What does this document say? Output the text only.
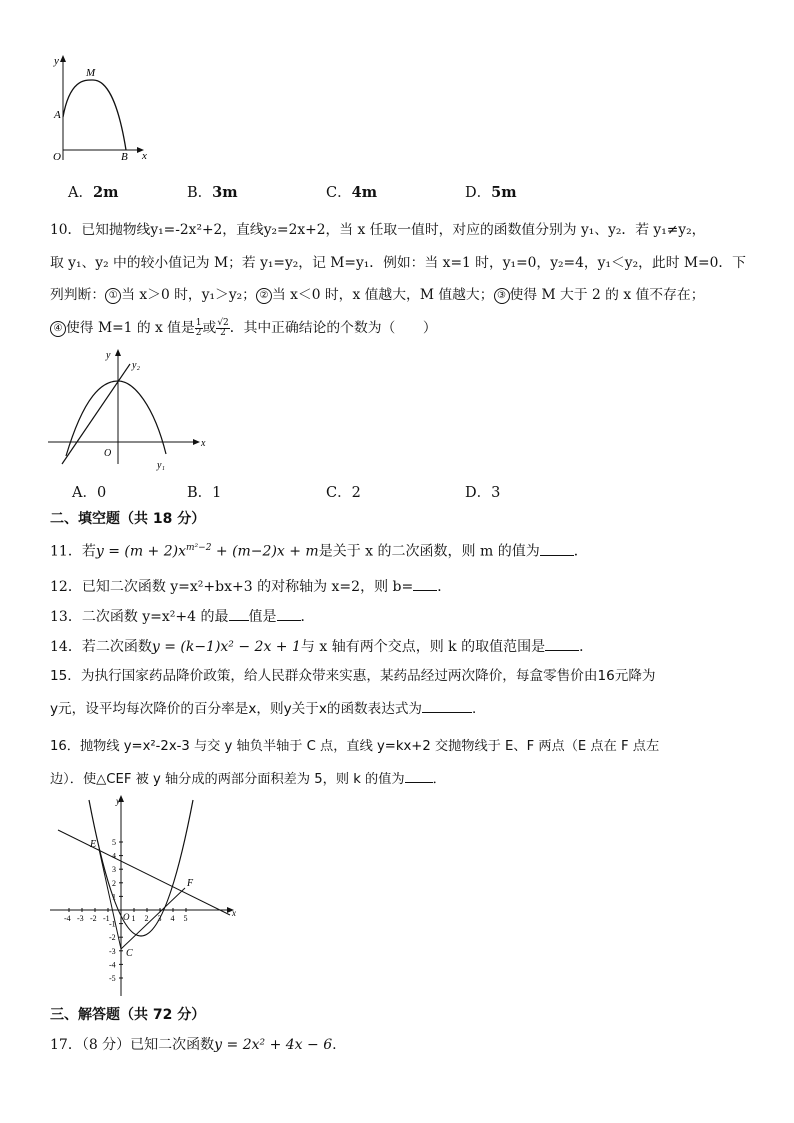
y
M
A
O	B x
A．2m	B．3m	C．4m	D．5m
10．已知抛物线y₁=-2x²+2，直线y₂=2x+2，当 x 任取一值时，对应的函数值分别为 y₁、y₂．若 y₁≠y₂，
取 y₁、y₂ 中的较小值记为 M；若 y₁=y₂，记 M=y₁．例如：当 x=1 时，y₁=0，y₂=4，y₁＜y₂，此时 M=0．下
列判断： ① 当 x＞0 时，y₁＞y₂； ② 当 x＜0 时，x 值越大，M 值越大； ③ 使得 M 大于 2 的 x 值不存在；
④ 使得 M=1 的 x 值是 $\frac{1}{2}$ 或 $\frac{√2}{2}$ ．其中正确结论的个数为（　　）
y
y₂
O
x
y₁
A．0	B．1	C．2	D．3
二、填空题（共 18 分）
11．若$y = (m + 2)x^{m^2-2} + (m-2)x + m$是关于 x 的二次函数，则 m 的值为 ．
12．已知二次函数 y=x²+bx+3 的对称轴为 x=2，则 b= ．
13．二次函数 y=x²+4 的最 值是 ．
14．若二次函数y = (k−1)x² − 2x + 1与 x 轴有两个交点，则 k 的取值范围是 ．
15．为执行国家药品降价政策，给人民群众带来实惠，某药品经过两次降价，每盒零售价由16元降为
y元，设平均每次降价的百分率是x，则y关于x的函数表达式为	．
16．抛物线 y=x²-2x-3 与交 y 轴负半轴于 C 点，直线 y=kx+2 交抛物线于 E、F 两点（E 点在 F 点左
边）．使△CEF 被 y 轴分成的两部分面积差为 5，则 k 的值为 ．
-4 -3 -2 -1	1 2 3 4 5
5
4
3
2
1
-1
-2
-3
-4
-5
y
x
O
E
F
C
三、解答题（共 72 分）
17．（8 分）已知二次函数y = 2x² + 4x − 6.
